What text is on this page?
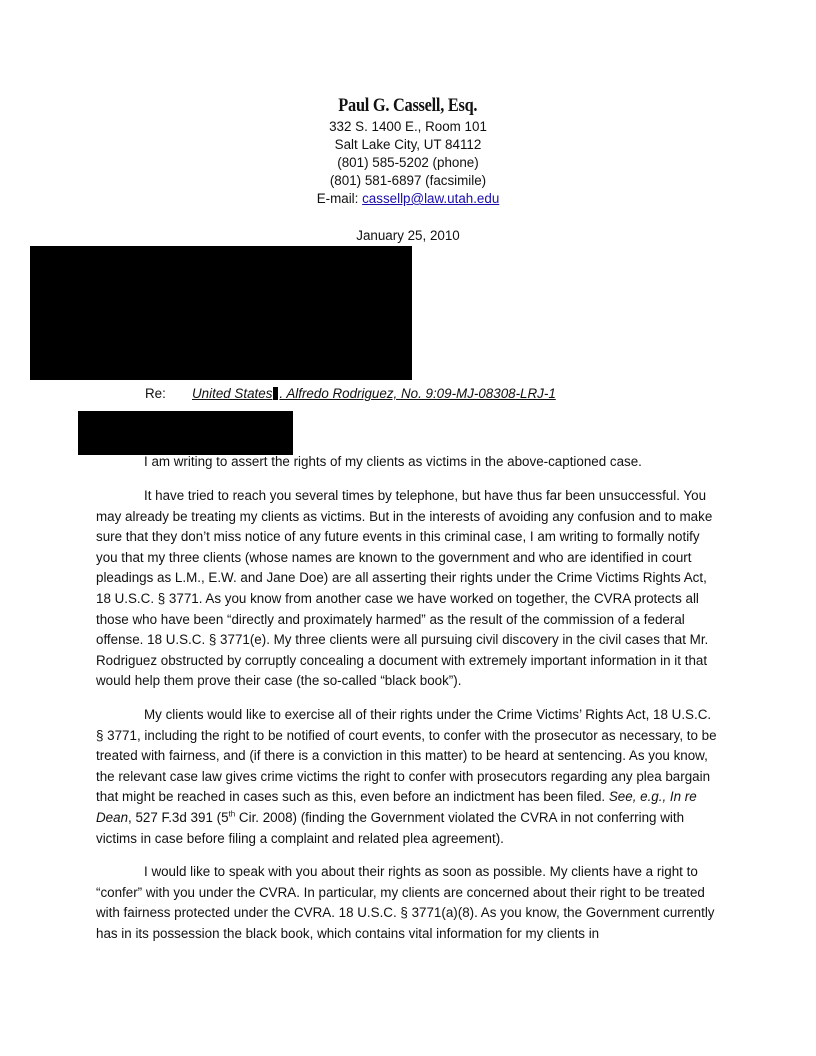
Paul G. Cassell, Esq.
332 S. 1400 E., Room 101
Salt Lake City, UT 84112
(801) 585-5202 (phone)
(801) 581-6897 (facsimile)
E-mail: cassellp@law.utah.edu
January 25, 2010
Re: United States . Alfredo Rodriguez, No. 9:09-MJ-08308-LRJ-1

I am writing to assert the rights of my clients as victims in the above-captioned case.

It have tried to reach you several times by telephone, but have thus far been unsuccessful. You may already be treating my clients as victims. But in the interests of avoiding any confusion and to make sure that they don’t miss notice of any future events in this criminal case, I am writing to formally notify you that my three clients (whose names are known to the government and who are identified in court pleadings as L.M., E.W. and Jane Doe) are all asserting their rights under the Crime Victims Rights Act, 18 U.S.C. § 3771. As you know from another case we have worked on together, the CVRA protects all those who have been “directly and proximately harmed” as the result of the commission of a federal offense. 18 U.S.C. § 3771(e). My three clients were all pursuing civil discovery in the civil cases that Mr. Rodriguez obstructed by corruptly concealing a document with extremely important information in it that would help them prove their case (the so-called “black book”).

My clients would like to exercise all of their rights under the Crime Victims’ Rights Act, 18 U.S.C. § 3771, including the right to be notified of court events, to confer with the prosecutor as necessary, to be treated with fairness, and (if there is a conviction in this matter) to be heard at sentencing. As you know, the relevant case law gives crime victims the right to confer with prosecutors regarding any plea bargain that might be reached in cases such as this, even before an indictment has been filed. See, e.g., In re Dean, 527 F.3d 391 (5th Cir. 2008) (finding the Government violated the CVRA in not conferring with victims in case before filing a complaint and related plea agreement).

I would like to speak with you about their rights as soon as possible. My clients have a right to “confer” with you under the CVRA. In particular, my clients are concerned about their right to be treated with fairness protected under the CVRA. 18 U.S.C. § 3771(a)(8). As you know, the Government currently has in its possession the black book, which contains vital information for my clients in
